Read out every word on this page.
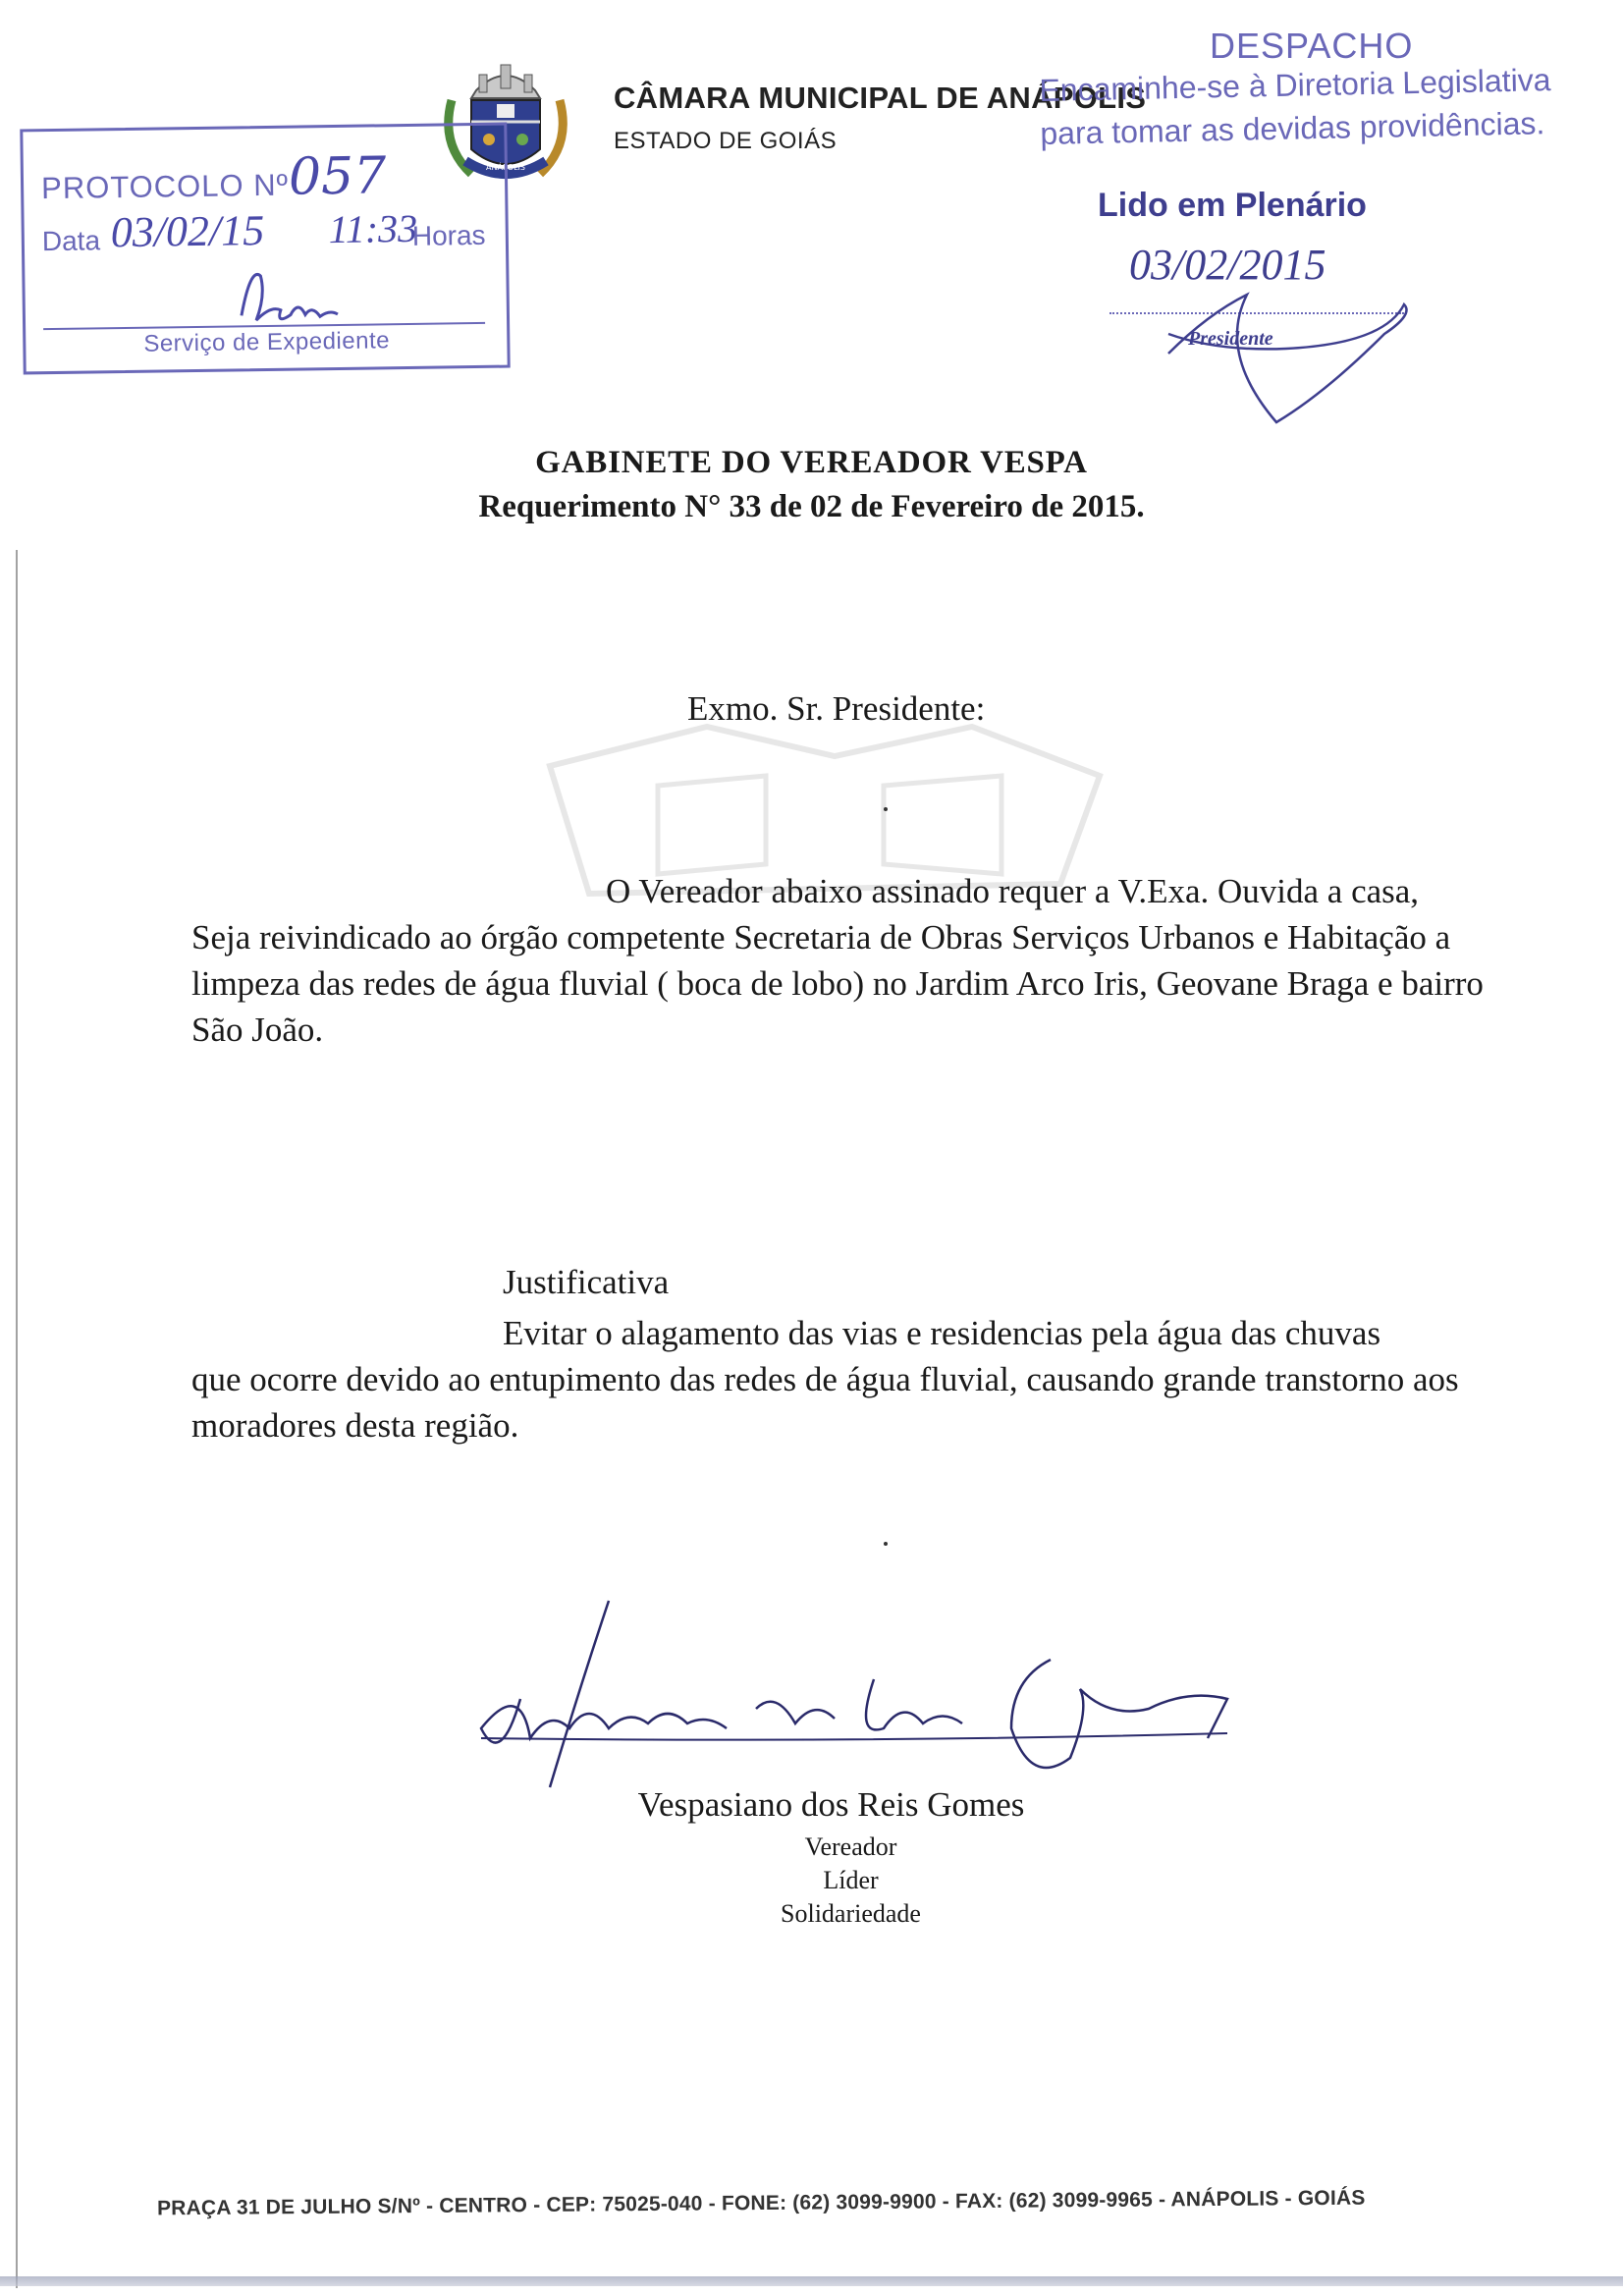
ANÁPOLIS
CÂMARA MUNICIPAL DE ANÁPOLIS
ESTADO DE GOIÁS
PROTOCOLO Nº 057
Data 03/02/15 11:33
Horas
Serviço de Expediente
DESPACHO
Encaminhe-se à Diretoria Legislativa
para tomar as devidas providências.
Lido em Plenário
03/02/2015
Presidente
GABINETE DO VEREADOR VESPA
Requerimento N° 33 de 02 de Fevereiro de 2015.
Exmo. Sr. Presidente:
O Vereador abaixo assinado requer a V.Exa. Ouvida a casa,
Seja reivindicado ao órgão competente Secretaria de Obras Serviços Urbanos e Habitação a limpeza das redes de água fluvial ( boca de lobo) no Jardim Arco Iris, Geovane Braga e bairro São João.
Justificativa
Evitar o alagamento das vias e residencias pela água das chuvas
que ocorre devido ao entupimento das redes de água fluvial, causando grande transtorno aos moradores desta região.
Vespasiano dos Reis Gomes
Vereador
Líder
Solidariedade
PRAÇA 31 DE JULHO S/Nº - CENTRO - CEP: 75025-040 - FONE: (62) 3099-9900 - FAX: (62) 3099-9965 - ANÁPOLIS - GOIÁS
